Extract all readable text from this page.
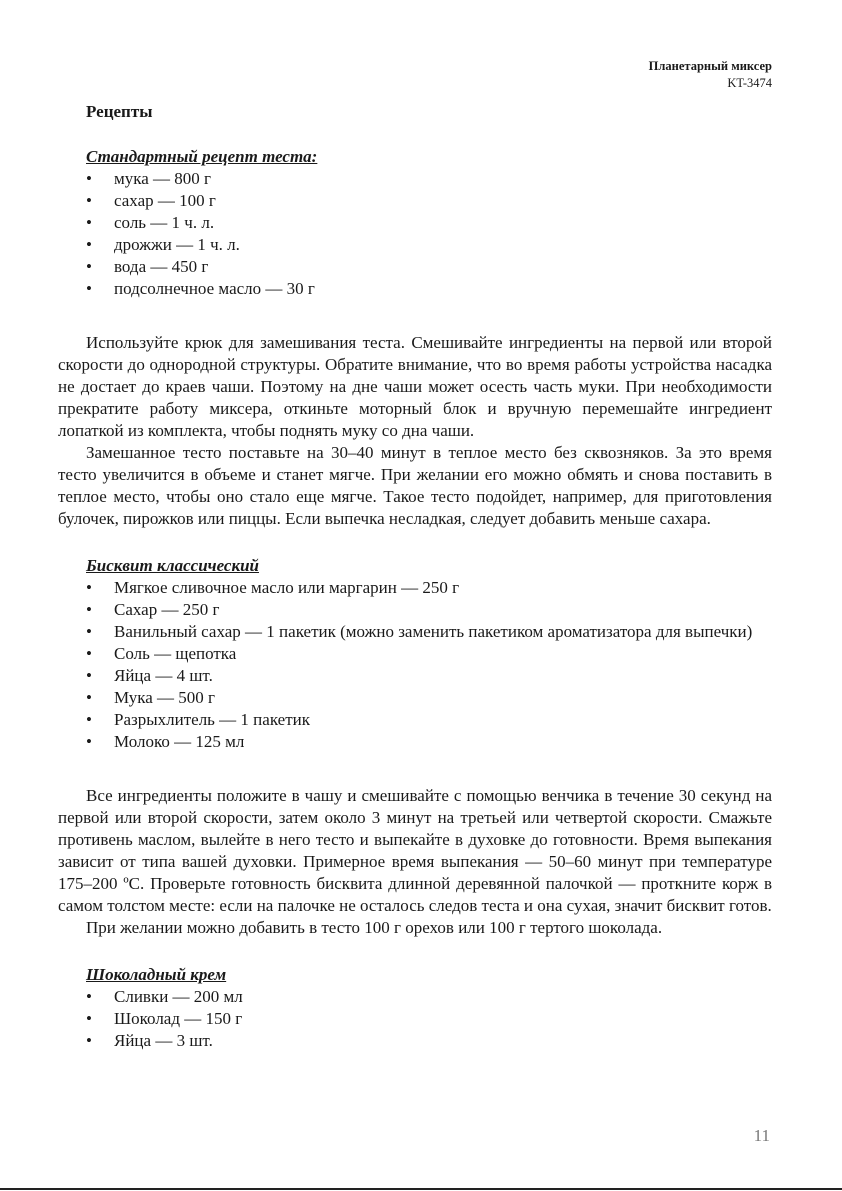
Планетарный миксер
KT-3474
Рецепты
Стандартный рецепт теста:
• мука — 800 г
• сахар — 100 г
• соль — 1 ч. л.
• дрожжи — 1 ч. л.
• вода — 450 г
• подсолнечное масло — 30 г

Используйте крюк для замешивания теста. Смешивайте ингредиенты на первой или второй скорости до однородной структуры. Обратите внимание, что во время работы устройства насадка не достает до краев чаши. Поэтому на дне чаши может осесть часть муки. При необходимости прекратите работу миксера, откиньте моторный блок и вручную перемешайте ингредиент лопаткой из комплекта, чтобы поднять муку со дна чаши.

Замешанное тесто поставьте на 30–40 минут в теплое место без сквозняков. За это время тесто увеличится в объеме и станет мягче. При желании его можно обмять и снова поставить в теплое место, чтобы оно стало еще мягче. Такое тесто подойдет, например, для приготовления булочек, пирожков или пиццы. Если выпечка несладкая, следует добавить меньше сахара.

Бисквит классический
• Мягкое сливочное масло или маргарин — 250 г
• Сахар — 250 г
• Ванильный сахар — 1 пакетик (можно заменить пакетиком ароматизатора для выпечки)
• Соль — щепотка
• Яйца — 4 шт.
• Мука — 500 г
• Разрыхлитель — 1 пакетик
• Молоко — 125 мл

Все ингредиенты положите в чашу и смешивайте с помощью венчика в течение 30 секунд на первой или второй скорости, затем около 3 минут на третьей или четвертой скорости. Смажьте противень маслом, вылейте в него тесто и выпекайте в духовке до готовности. Время выпекания зависит от типа вашей духовки. Примерное время выпекания — 50–60 минут при температуре 175–200 ºC. Проверьте готовность бисквита длинной деревянной палочкой — проткните корж в самом толстом месте: если на палочке не осталось следов теста и она сухая, значит бисквит готов.

При желании можно добавить в тесто 100 г орехов или 100 г тертого шоколада.

Шоколадный крем
• Сливки — 200 мл
• Шоколад — 150 г
• Яйца — 3 шт.
11
